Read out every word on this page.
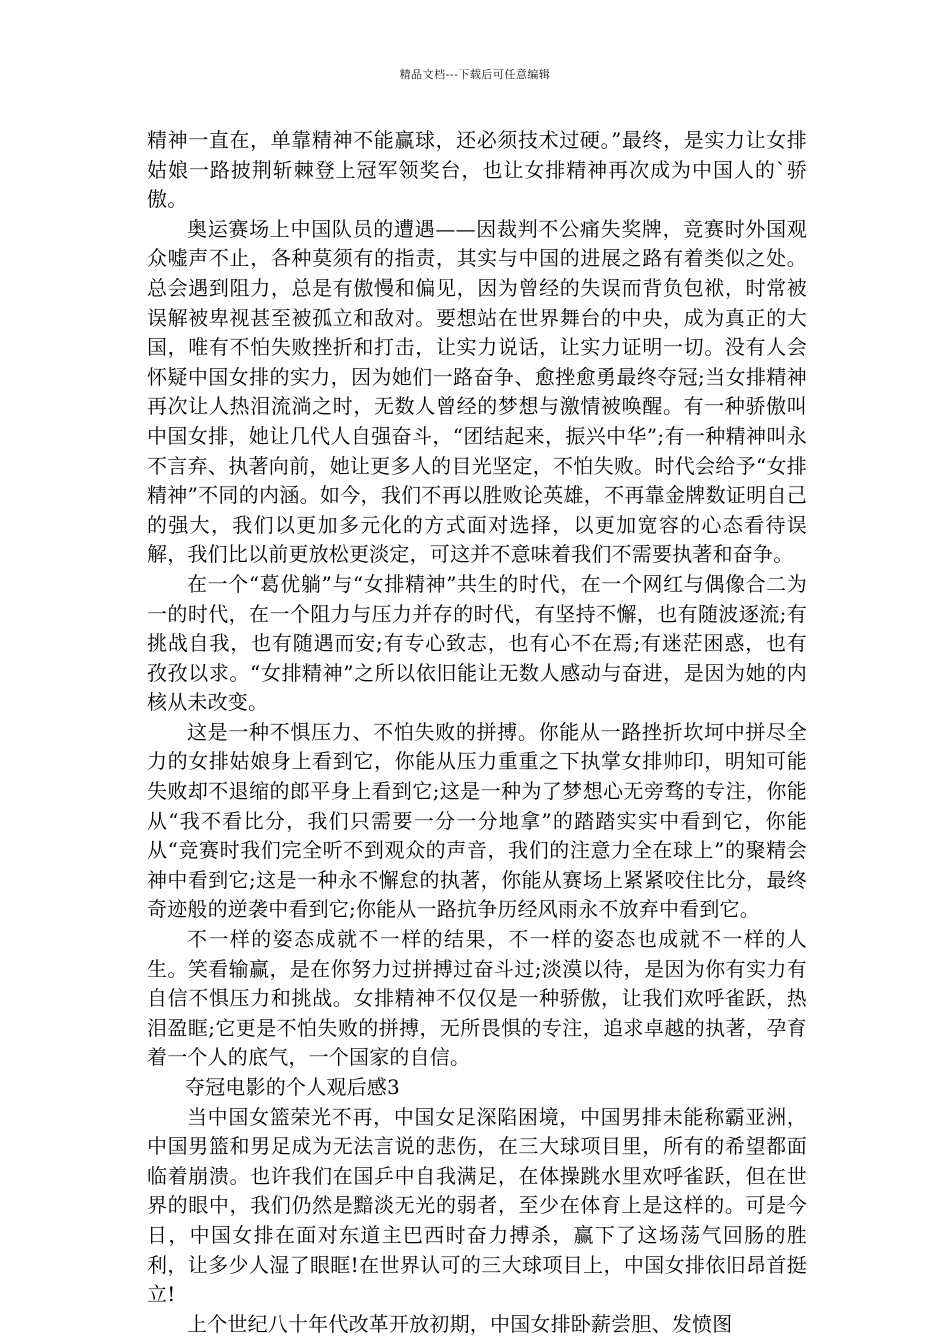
精品文档---下载后可任意编辑

精神一直在，单靠精神不能赢球，还必须技术过硬。”最终，是实力让女排姑娘一路披荆斩棘登上冠军领奖台，也让女排精神再次成为中国人的`骄傲。

奥运赛场上中国队员的遭遇——因裁判不公痛失奖牌，竞赛时外国观众嘘声不止，各种莫须有的指责，其实与中国的进展之路有着类似之处。总会遇到阻力，总是有傲慢和偏见，因为曾经的失误而背负包袱，时常被误解被卑视甚至被孤立和敌对。要想站在世界舞台的中央，成为真正的大国，唯有不怕失败挫折和打击，让实力说话，让实力证明一切。没有人会怀疑中国女排的实力，因为她们一路奋争、愈挫愈勇最终夺冠;当女排精神再次让人热泪流淌之时，无数人曾经的梦想与激情被唤醒。有一种骄傲叫中国女排，她让几代人自强奋斗，“团结起来，振兴中华”;有一种精神叫永不言弃、执著向前，她让更多人的目光坚定，不怕失败。时代会给予“女排精神”不同的内涵。如今，我们不再以胜败论英雄，不再靠金牌数证明自己的强大，我们以更加多元化的方式面对选择，以更加宽容的心态看待误解，我们比以前更放松更淡定，可这并不意味着我们不需要执著和奋争。

在一个“葛优躺”与“女排精神”共生的时代，在一个网红与偶像合二为一的时代，在一个阻力与压力并存的时代，有坚持不懈，也有随波逐流;有挑战自我，也有随遇而安;有专心致志，也有心不在焉;有迷茫困惑，也有孜孜以求。“女排精神”之所以依旧能让无数人感动与奋进，是因为她的内核从未改变。

这是一种不惧压力、不怕失败的拼搏。你能从一路挫折坎坷中拼尽全力的女排姑娘身上看到它，你能从压力重重之下执掌女排帅印，明知可能失败却不退缩的郎平身上看到它;这是一种为了梦想心无旁骛的专注，你能从“我不看比分，我们只需要一分一分地拿”的踏踏实实中看到它，你能从“竞赛时我们完全听不到观众的声音，我们的注意力全在球上”的聚精会神中看到它;这是一种永不懈怠的执著，你能从赛场上紧紧咬住比分，最终奇迹般的逆袭中看到它;你能从一路抗争历经风雨永不放弃中看到它。

不一样的姿态成就不一样的结果，不一样的姿态也成就不一样的人生。笑看输赢，是在你努力过拼搏过奋斗过;淡漠以待，是因为你有实力有自信不惧压力和挑战。女排精神不仅仅是一种骄傲，让我们欢呼雀跃，热泪盈眶;它更是不怕失败的拼搏，无所畏惧的专注，追求卓越的执著，孕育着一个人的底气，一个国家的自信。

夺冠电影的个人观后感3

当中国女篮荣光不再，中国女足深陷困境，中国男排未能称霸亚洲，中国男篮和男足成为无法言说的悲伤，在三大球项目里，所有的希望都面临着崩溃。也许我们在国乒中自我满足，在体操跳水里欢呼雀跃，但在世界的眼中，我们仍然是黯淡无光的弱者，至少在体育上是这样的。可是今日，中国女排在面对东道主巴西时奋力搏杀，赢下了这场荡气回肠的胜利，让多少人湿了眼眶!在世界认可的三大球项目上，中国女排依旧昂首挺立!

上个世纪八十年代改革开放初期，中国女排卧薪尝胆、发愤图
